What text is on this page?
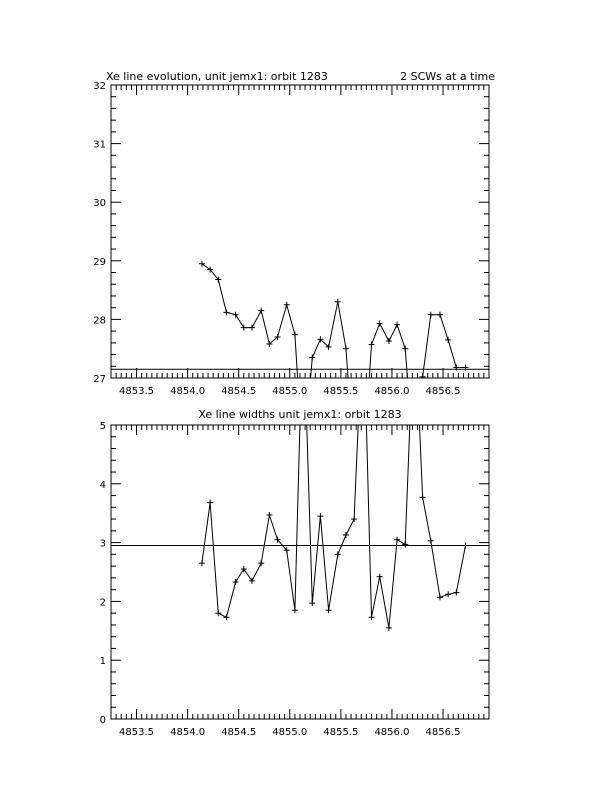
Xe line evolution, unit jemx1: orbit 1283	2 SCWs at a time
4853.5 4854.0 4854.5 4855.0 4855.5 4856.0 4856.5
27
28
29
30
31
32
Xe line widths unit jemx1: orbit 1283
4853.5 4854.0 4854.5 4855.0 4855.5 4856.0 4856.5
0
1
2
3
4
5
